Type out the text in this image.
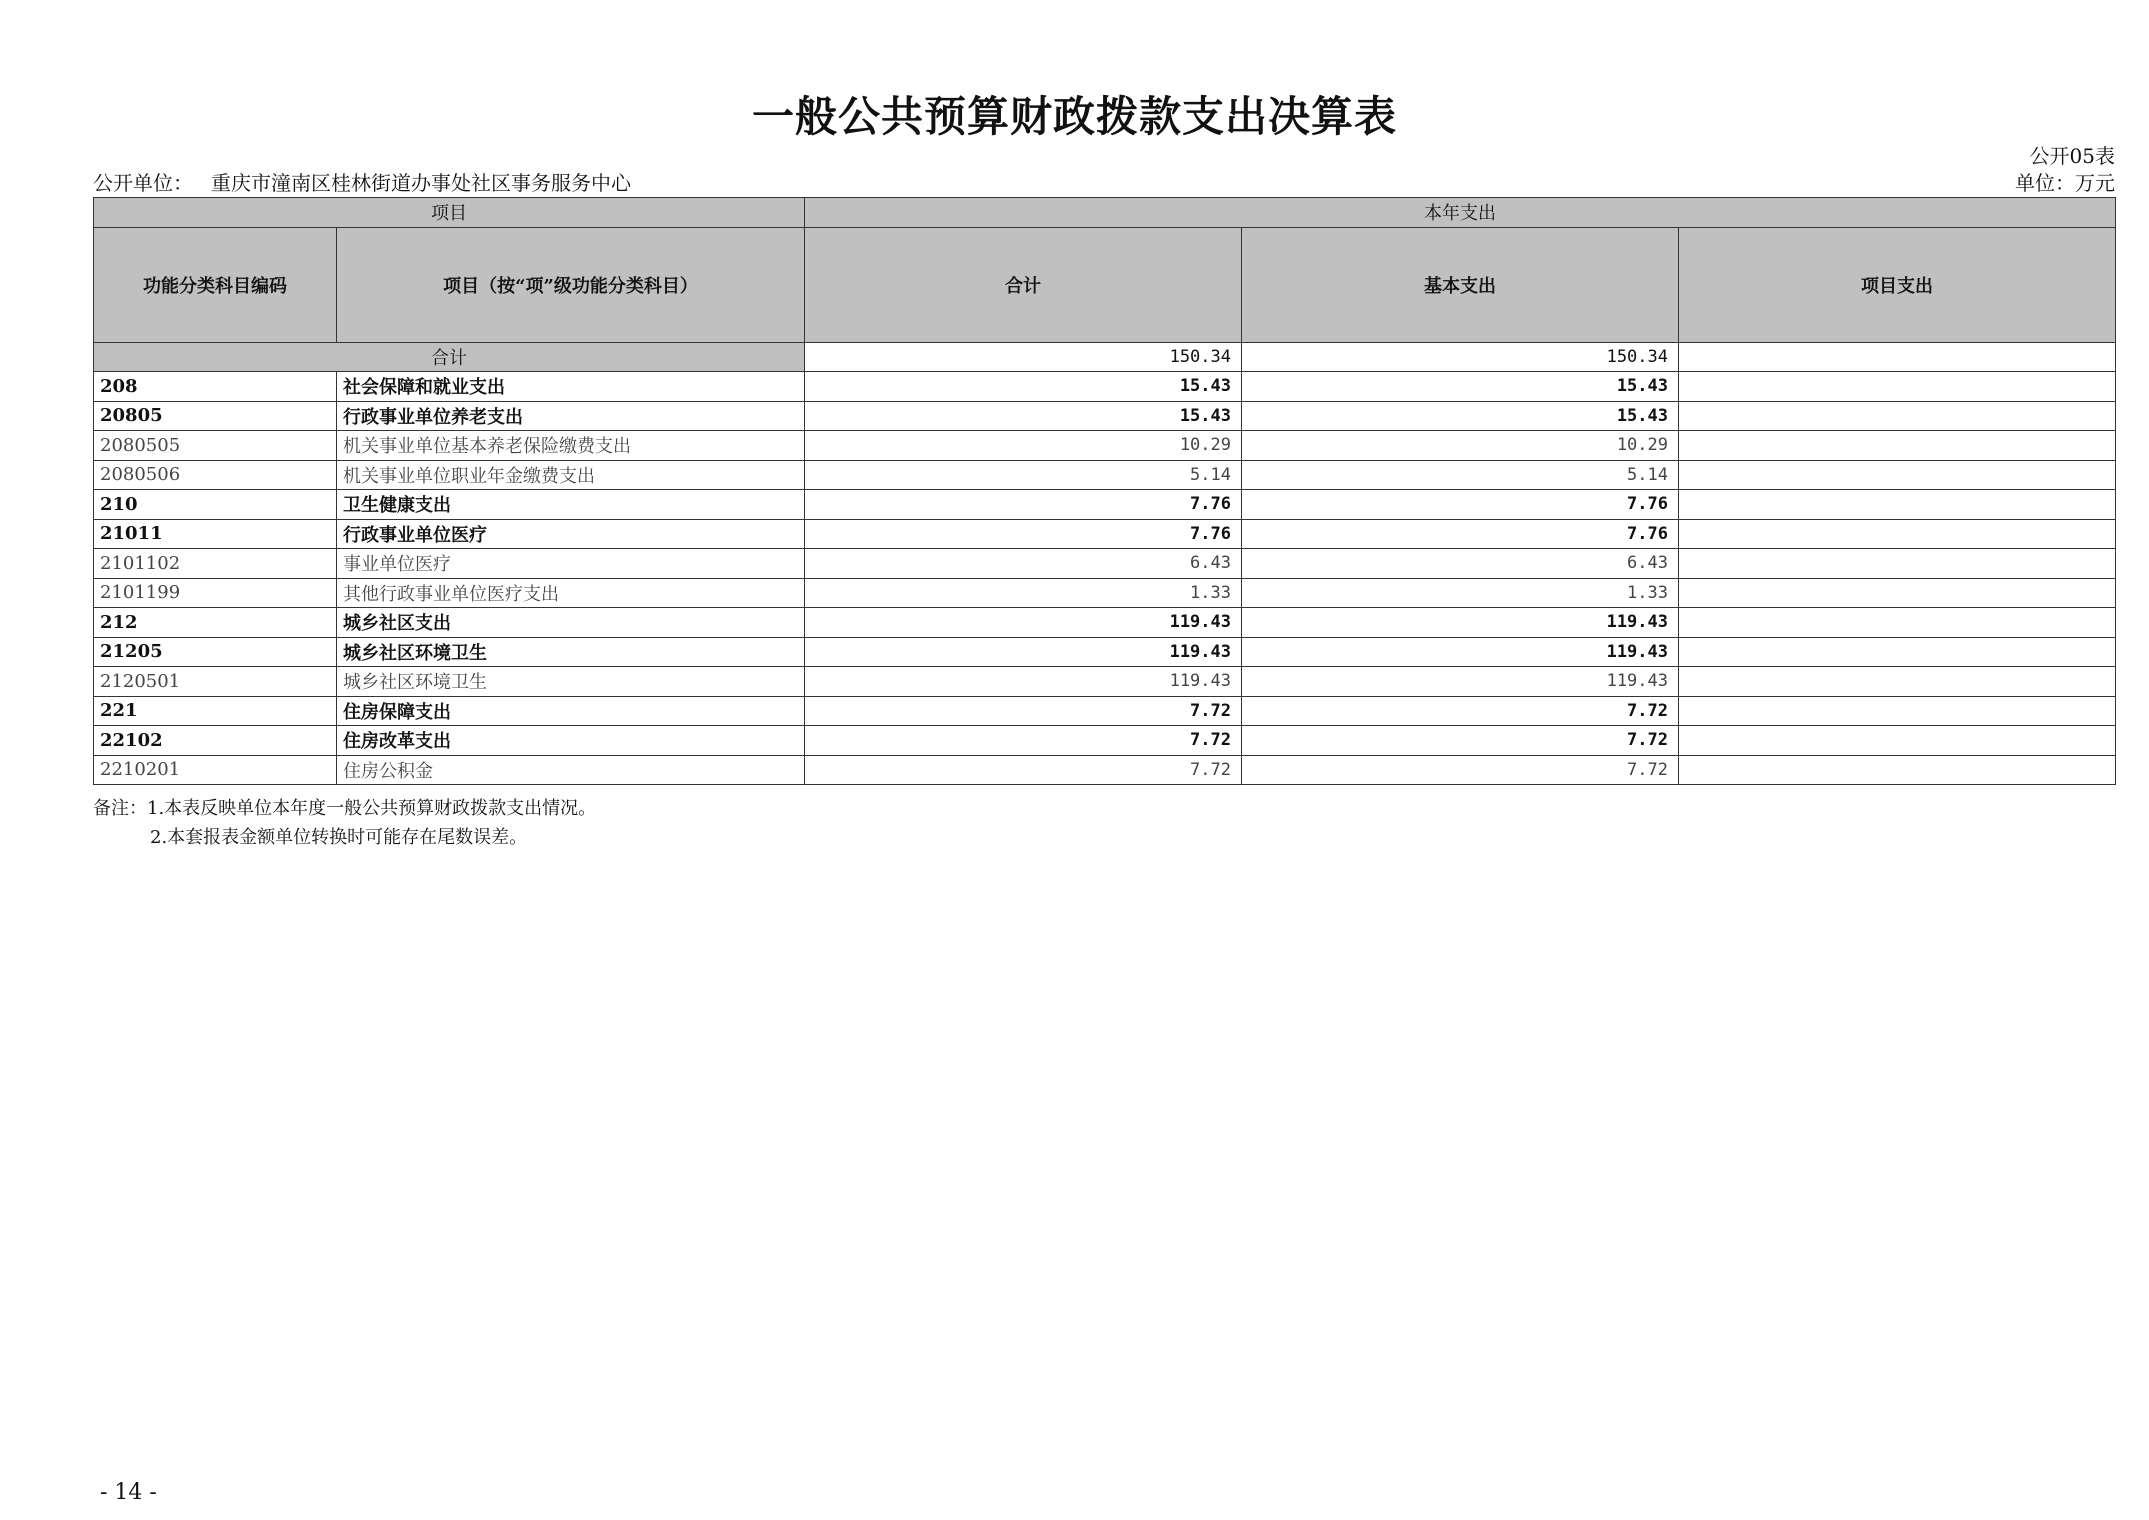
一般公共预算财政拨款支出决算表
公开05表
公开单位： 重庆市潼南区桂林街道办事处社区事务服务中心	单位：万元
项目		本年支出		
功能分类科目编码	项目（按“项”级功能分类科目）	合计	基本支出	项目支出
合计		150.34	150.34	
208	社会保障和就业支出	15.43	15.43	
20805	行政事业单位养老支出	15.43	15.43	
2080505	机关事业单位基本养老保险缴费支出	10.29	10.29	
2080506	机关事业单位职业年金缴费支出	5.14	5.14	
210	卫生健康支出	7.76	7.76	
21011	行政事业单位医疗	7.76	7.76	
2101102	事业单位医疗	6.43	6.43	
2101199	其他行政事业单位医疗支出	1.33	1.33	
212	城乡社区支出	119.43	119.43	
21205	城乡社区环境卫生	119.43	119.43	
2120501	城乡社区环境卫生	119.43	119.43	
221	住房保障支出	7.72	7.72	
22102	住房改革支出	7.72	7.72	
2210201	住房公积金	7.72	7.72	
备注：1.本表反映单位本年度一般公共预算财政拨款支出情况。
2.本套报表金额单位转换时可能存在尾数误差。
- 14 -
